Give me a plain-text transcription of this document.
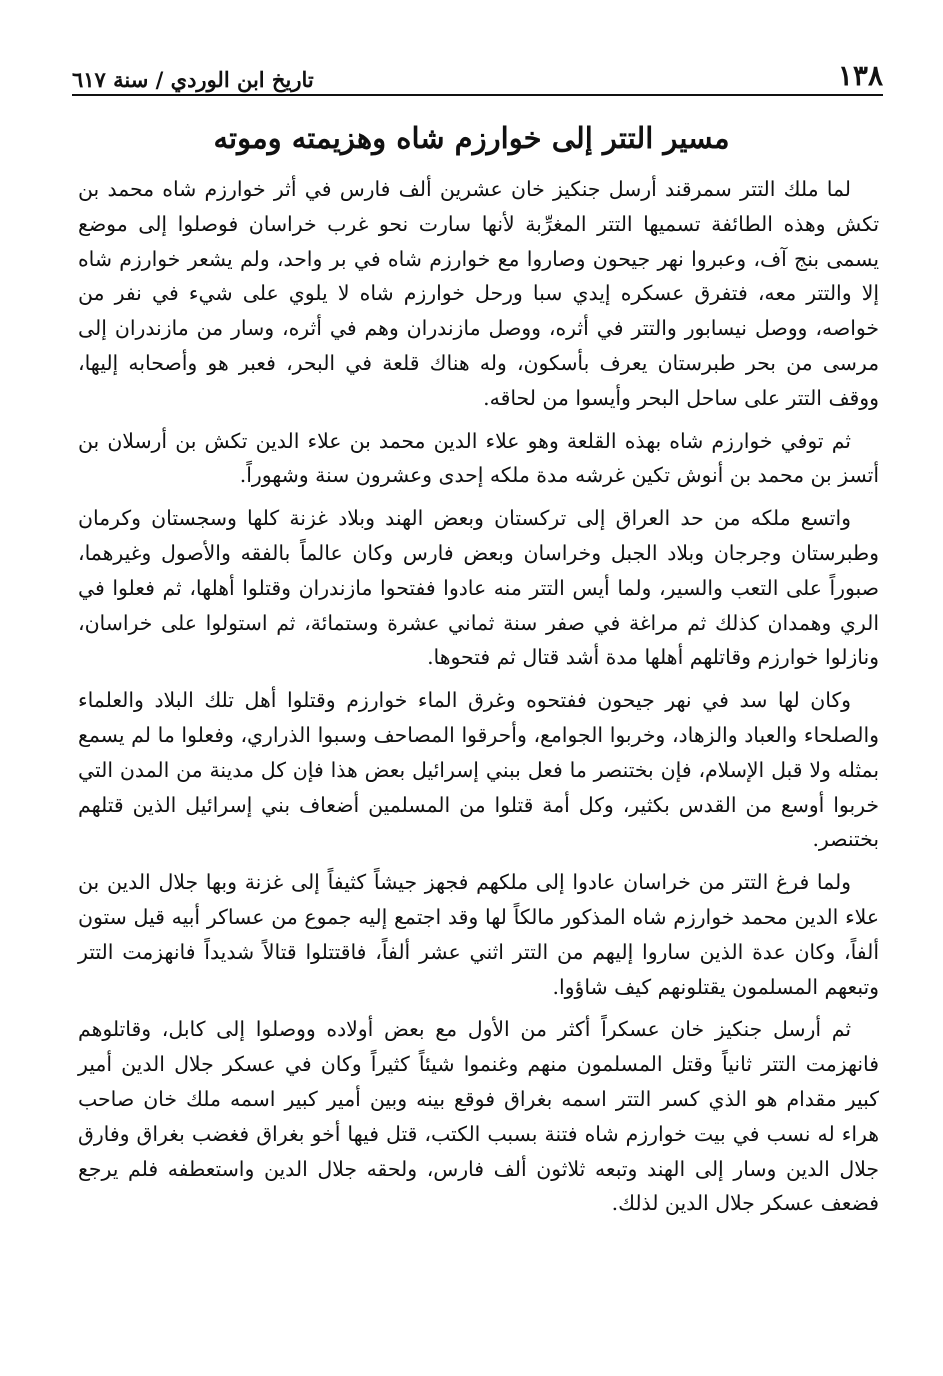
١٣٨
تاريخ ابن الوردي / سنة ٦١٧
مسير التتر إلى خوارزم شاه وهزيمته وموته

لما ملك التتر سمرقند أرسل جنكيز خان عشرين ألف فارس في أثر خوارزم شاه محمد بن تكش وهذه الطائفة تسميها التتر المغرِّبة لأنها سارت نحو غرب خراسان فوصلوا إلى موضع يسمى بنج آف، وعبروا نهر جيحون وصاروا مع خوارزم شاه في بر واحد، ولم يشعر خوارزم شاه إلا والتتر معه، فتفرق عسكره إيدي سبا ورحل خوارزم شاه لا يلوي على شيء في نفر من خواصه، ووصل نيسابور والتتر في أثره، ووصل مازندران وهم في أثره، وسار من مازندران إلى مرسى من بحر طبرستان يعرف بأسكون، وله هناك قلعة في البحر، فعبر هو وأصحابه إليها، ووقف التتر على ساحل البحر وأيسوا من لحاقه.

ثم توفي خوارزم شاه بهذه القلعة وهو علاء الدين محمد بن علاء الدين تكش بن أرسلان بن أتسز بن محمد بن أنوش تكين غرشه مدة ملكه إحدى وعشرون سنة وشهوراً.

واتسع ملكه من حد العراق إلى تركستان وبعض الهند وبلاد غزنة كلها وسجستان وكرمان وطبرستان وجرجان وبلاد الجبل وخراسان وبعض فارس وكان عالماً بالفقه والأصول وغيرهما، صبوراً على التعب والسير، ولما أيس التتر منه عادوا ففتحوا مازندران وقتلوا أهلها، ثم فعلوا في الري وهمدان كذلك ثم مراغة في صفر سنة ثماني عشرة وستمائة، ثم استولوا على خراسان، ونازلوا خوارزم وقاتلهم أهلها مدة أشد قتال ثم فتحوها.

وكان لها سد في نهر جيحون ففتحوه وغرق الماء خوارزم وقتلوا أهل تلك البلاد والعلماء والصلحاء والعباد والزهاد، وخربوا الجوامع، وأحرقوا المصاحف وسبوا الذراري، وفعلوا ما لم يسمع بمثله ولا قبل الإسلام، فإن بختنصر ما فعل ببني إسرائيل بعض هذا فإن كل مدينة من المدن التي خربوا أوسع من القدس بكثير، وكل أمة قتلوا من المسلمين أضعاف بني إسرائيل الذين قتلهم بختنصر.

ولما فرغ التتر من خراسان عادوا إلى ملكهم فجهز جيشاً كثيفاً إلى غزنة وبها جلال الدين بن علاء الدين محمد خوارزم شاه المذكور مالكاً لها وقد اجتمع إليه جموع من عساكر أبيه قيل ستون ألفاً، وكان عدة الذين ساروا إليهم من التتر اثني عشر ألفاً، فاقتتلوا قتالاً شديداً فانهزمت التتر وتبعهم المسلمون يقتلونهم كيف شاؤوا.

ثم أرسل جنكيز خان عسكراً أكثر من الأول مع بعض أولاده ووصلوا إلى كابل، وقاتلوهم فانهزمت التتر ثانياً وقتل المسلمون منهم وغنموا شيئاً كثيراً وكان في عسكر جلال الدين أمير كبير مقدام هو الذي كسر التتر اسمه بغراق فوقع بينه وبين أمير كبير اسمه ملك خان صاحب هراء له نسب في بيت خوارزم شاه فتنة بسبب الكتب، قتل فيها أخو بغراق فغضب بغراق وفارق جلال الدين وسار إلى الهند وتبعه ثلاثون ألف فارس، ولحقه جلال الدين واستعطفه فلم يرجع فضعف عسكر جلال الدين لذلك.
